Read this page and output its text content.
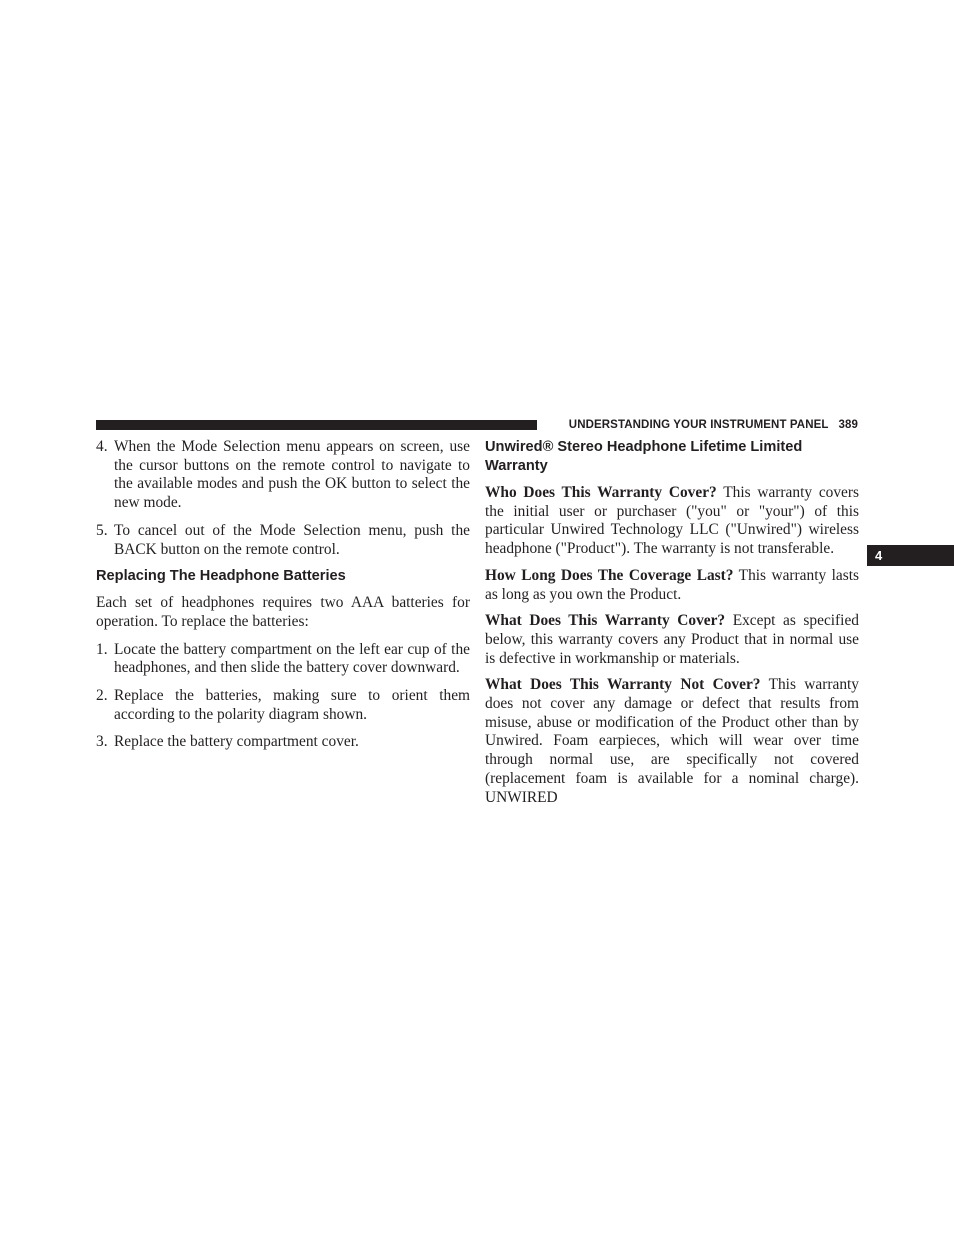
UNDERSTANDING YOUR INSTRUMENT PANEL 389
4
4. When the Mode Selection menu appears on screen, use the cursor buttons on the remote control to navigate to the available modes and push the OK button to select the new mode.
5. To cancel out of the Mode Selection menu, push the BACK button on the remote control.
Replacing The Headphone Batteries

Each set of headphones requires two AAA batteries for operation. To replace the batteries:

1. Locate the battery compartment on the left ear cup of the headphones, and then slide the battery cover downward.
2. Replace the batteries, making sure to orient them according to the polarity diagram shown.
3. Replace the battery compartment cover.
Unwired® Stereo Headphone Lifetime Limited Warranty

Who Does This Warranty Cover? This warranty covers the initial user or purchaser ("you" or "your") of this particular Unwired Technology LLC ("Unwired") wireless headphone ("Product"). The warranty is not transferable.

How Long Does The Coverage Last? This warranty lasts as long as you own the Product.

What Does This Warranty Cover? Except as specified below, this warranty covers any Product that in normal use is defective in workmanship or materials.

What Does This Warranty Not Cover? This warranty does not cover any damage or defect that results from misuse, abuse or modification of the Product other than by Unwired. Foam earpieces, which will wear over time through normal use, are specifically not covered (replacement foam is available for a nominal charge). UNWIRED
